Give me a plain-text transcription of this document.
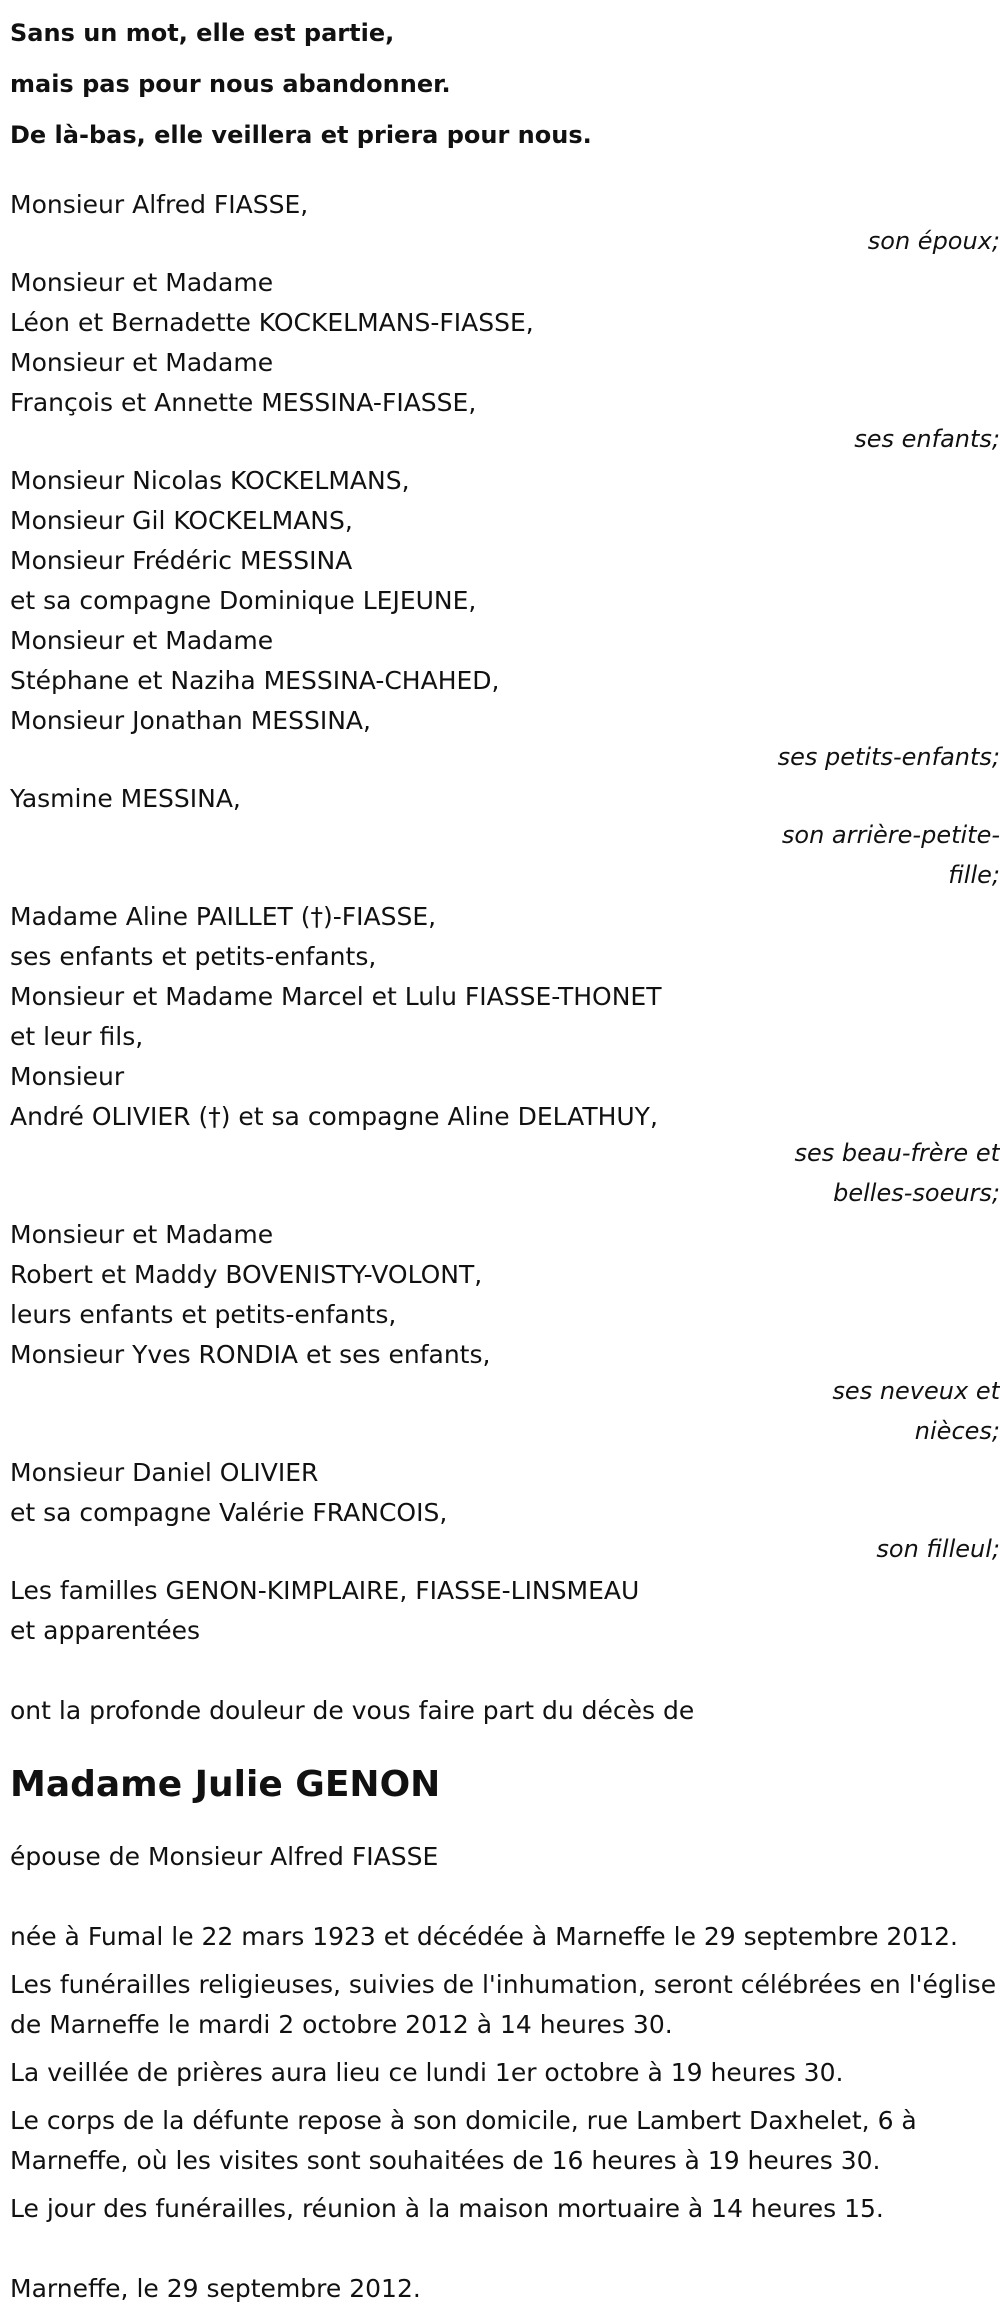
Sans un mot, elle est partie,
mais pas pour nous abandonner.
De là-bas, elle veillera et priera pour nous.
Monsieur Alfred FIASSE,
son époux;
Monsieur et Madame
Léon et Bernadette KOCKELMANS-FIASSE,
Monsieur et Madame
François et Annette MESSINA-FIASSE,
ses enfants;
Monsieur Nicolas KOCKELMANS,
Monsieur Gil KOCKELMANS,
Monsieur Frédéric MESSINA
et sa compagne Dominique LEJEUNE,
Monsieur et Madame
Stéphane et Naziha MESSINA-CHAHED,
Monsieur Jonathan MESSINA,
ses petits-enfants;
Yasmine MESSINA,
son arrière-petite-
fille;
Madame Aline PAILLET (†)-FIASSE,
ses enfants et petits-enfants,
Monsieur et Madame Marcel et Lulu FIASSE-THONET
et leur fils,
Monsieur
André OLIVIER (†) et sa compagne Aline DELATHUY,
ses beau-frère et
belles-soeurs;
Monsieur et Madame
Robert et Maddy BOVENISTY-VOLONT,
leurs enfants et petits-enfants,
Monsieur Yves RONDIA et ses enfants,
ses neveux et
nièces;
Monsieur Daniel OLIVIER
et sa compagne Valérie FRANCOIS,
son filleul;
Les familles GENON-KIMPLAIRE, FIASSE-LINSMEAU
et apparentées
ont la profonde douleur de vous faire part du décès de
Madame Julie GENON
épouse de Monsieur Alfred FIASSE
née à Fumal le 22 mars 1923 et décédée à Marneffe le 29 septembre 2012.
Les funérailles religieuses, suivies de l'inhumation, seront célébrées en l'église de Marneffe le mardi 2 octobre 2012 à 14 heures 30.
La veillée de prières aura lieu ce lundi 1er octobre à 19 heures 30.
Le corps de la défunte repose à son domicile, rue Lambert Daxhelet, 6 à Marneffe, où les visites sont souhaitées de 16 heures à 19 heures 30.
Le jour des funérailles, réunion à la maison mortuaire à 14 heures 15.
Marneffe, le 29 septembre 2012.
